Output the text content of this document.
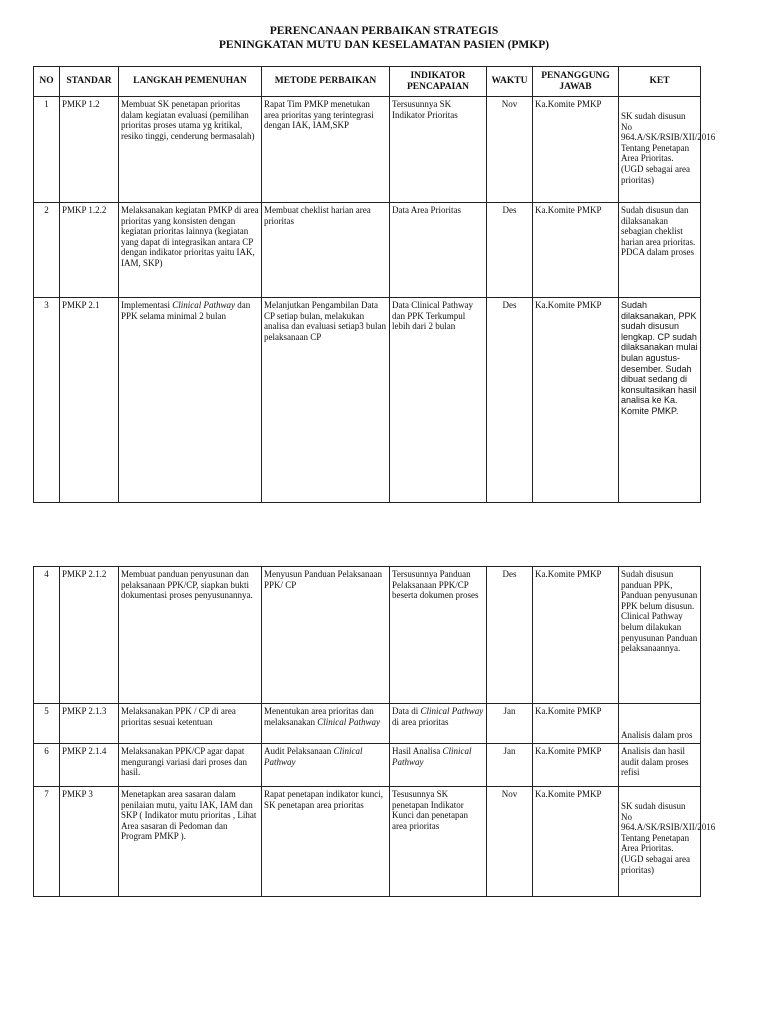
PERENCANAAN PERBAIKAN STRATEGIS
PENINGKATAN MUTU DAN KESELAMATAN PASIEN (PMKP)
NO	STANDAR	LANGKAH PEMENUHAN	METODE PERBAIKAN	INDIKATOR PENCAPAIAN	WAKTU	PENANGGUNG JAWAB	KET
1	PMKP 1.2	Membuat SK penetapan prioritas dalam kegiatan evaluasi (pemilihan prioritas proses utama yg kritikal, resiko tinggi, cenderung bermasalah)	Rapat Tim PMKP menetukan area prioritas yang terintegrasi dengan IAK, IAM,SKP	Tersusunnya SK Indikator Prioritas	Nov	Ka.Komite PMKP	SK sudah disusun No 964.A/SK/RSIB/XII/2016 Tentang Penetapan Area Prioritas. (UGD sebagai area prioritas)
2	PMKP 1.2.2	Melaksanakan kegiatan PMKP di area prioritas yang konsisten dengan kegiatan prioritas lainnya (kegiatan yang dapat di integrasikan antara CP dengan indikator prioritas yaitu IAK, IAM, SKP)	Membuat cheklist harian area prioritas	Data Area Prioritas	Des	Ka.Komite PMKP	Sudah disusun dan dilaksanakan sebagian cheklist harian area prioritas. PDCA dalam proses
3	PMKP 2.1	Implementasi Clinical Pathway dan PPK selama minimal 2 bulan	Melanjutkan Pengambilan Data CP setiap bulan, melakukan analisa dan evaluasi setiap3 bulan pelaksanaan CP	Data Clinical Pathway dan PPK Terkumpul lebih dari 2 bulan	Des	Ka.Komite PMKP	Sudah dilaksanakan, PPK sudah disusun lengkap. CP sudah dilaksanakan mulai bulan agustus-desember. Sudah dibuat sedang di konsultasikan hasil analisa ke Ka. Komite PMKP.
4	PMKP 2.1.2	Membuat panduan penyusunan dan pelaksanaan PPK/CP, siapkan bukti dokumentasi proses penyusunannya.	Menyusun Panduan Pelaksanaan PPK/ CP	Tersusunnya Panduan Pelaksanaan PPK/CP beserta dokumen proses	Des	Ka.Komite PMKP	Sudah disusun panduan PPK, Panduan penyusunan PPK belum disusun. Clinical Pathway belum dilakukan penyusunan Panduan pelaksanaannya.
5	PMKP 2.1.3	Melaksanakan PPK / CP di area prioritas sesuai ketentuan	Menentukan area prioritas dan melaksanakan Clinical Pathway	Data di Clinical Pathway di area prioritas	Jan	Ka.Komite PMKP	Analisis dalam pros
6	PMKP 2.1.4	Melaksanakan PPK/CP agar dapat mengurangi variasi dari proses dan hasil.	Audit Pelaksanaan Clinical Pathway	Hasil Analisa Clinical Pathway	Jan	Ka.Komite PMKP	Analisis dan hasil audit dalam proses refisi
7	PMKP 3	Menetapkan area sasaran dalam penilaian mutu, yaitu IAK, IAM dan SKP ( Indikator mutu prioritas , Lihat Area sasaran di Pedoman dan Program PMKP ).	Rapat penetapan indikator kunci, SK penetapan area prioritas	Tesusunnya SK penetapan Indikator Kunci dan penetapan area prioritas	Nov	Ka.Komite PMKP	SK sudah disusun No 964.A/SK/RSIB/XII/2016 Tentang Penetapan Area Prioritas. (UGD sebagai area prioritas)
